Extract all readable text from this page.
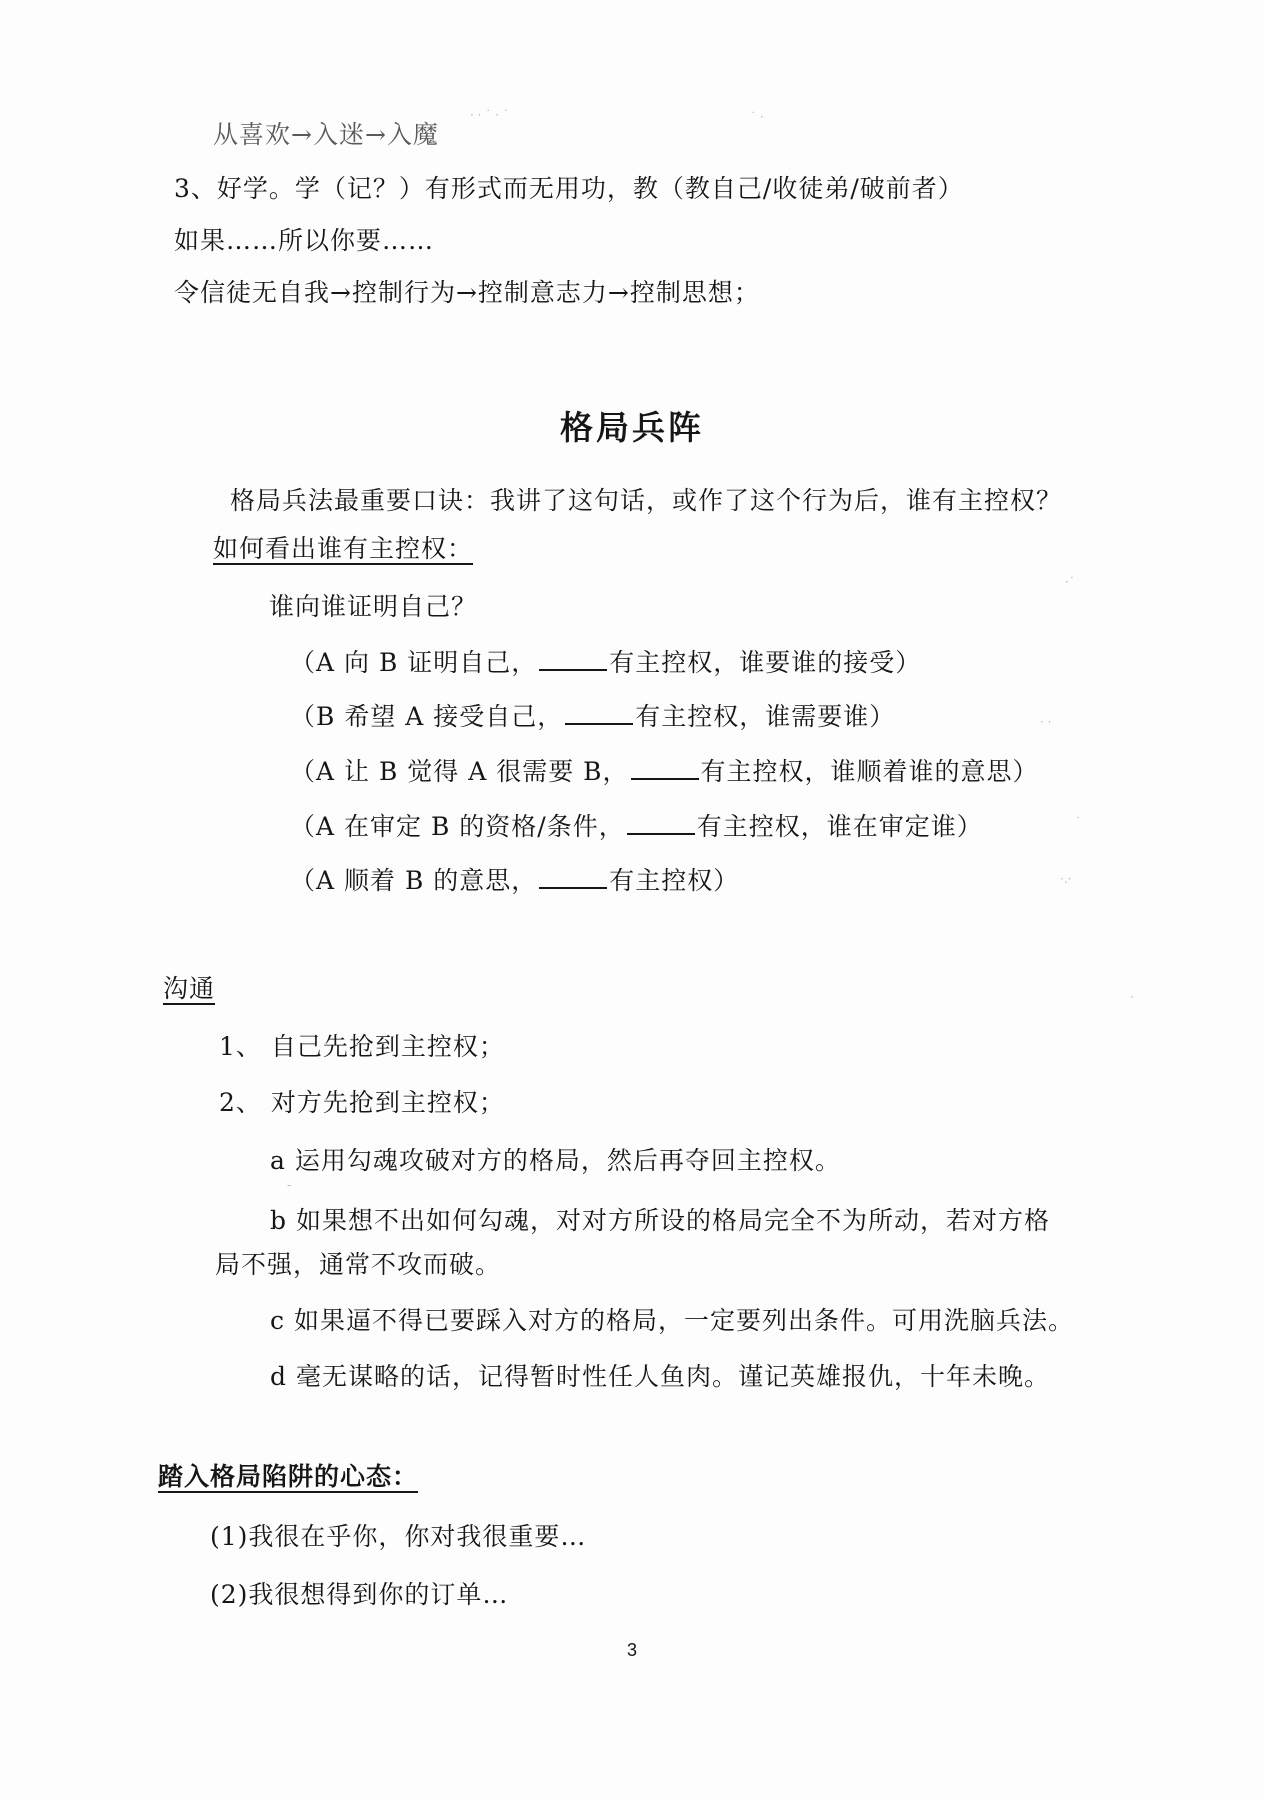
从喜欢→入迷→入魔
3、好学。学（记？）有形式而无用功，教（教自己/收徒弟/破前者）
如果……所以你要……
令信徒无自我→控制行为→控制意志力→控制思想；
格局兵阵
格局兵法最重要口诀：我讲了这句话，或作了这个行为后，谁有主控权？
如何看出谁有主控权：
谁向谁证明自己？
（A 向 B 证明自己，	有主控权，谁要谁的接受）
（B 希望 A 接受自己，	有主控权，谁需要谁）
（A 让 B 觉得 A 很需要 B，	有主控权，谁顺着谁的意思）
（A 在审定 B 的资格/条件，	有主控权，谁在审定谁）
（A 顺着 B 的意思，	有主控权）
沟通
1、 自己先抢到主控权；
2、 对方先抢到主控权；
a 运用勾魂攻破对方的格局，然后再夺回主控权。
b 如果想不出如何勾魂，对对方所设的格局完全不为所动，若对方格
局不强，通常不攻而破。
c 如果逼不得已要踩入对方的格局，一定要列出条件。可用洗脑兵法。
d 毫无谋略的话，记得暂时性任人鱼肉。谨记英雄报仇，十年未晚。
踏入格局陷阱的心态：
(1)我很在乎你，你对我很重要…
(2)我很想得到你的订单…
3
· · ˙ · ˙	˙ ·
·˙
· ·
˙
·.·
·
-
